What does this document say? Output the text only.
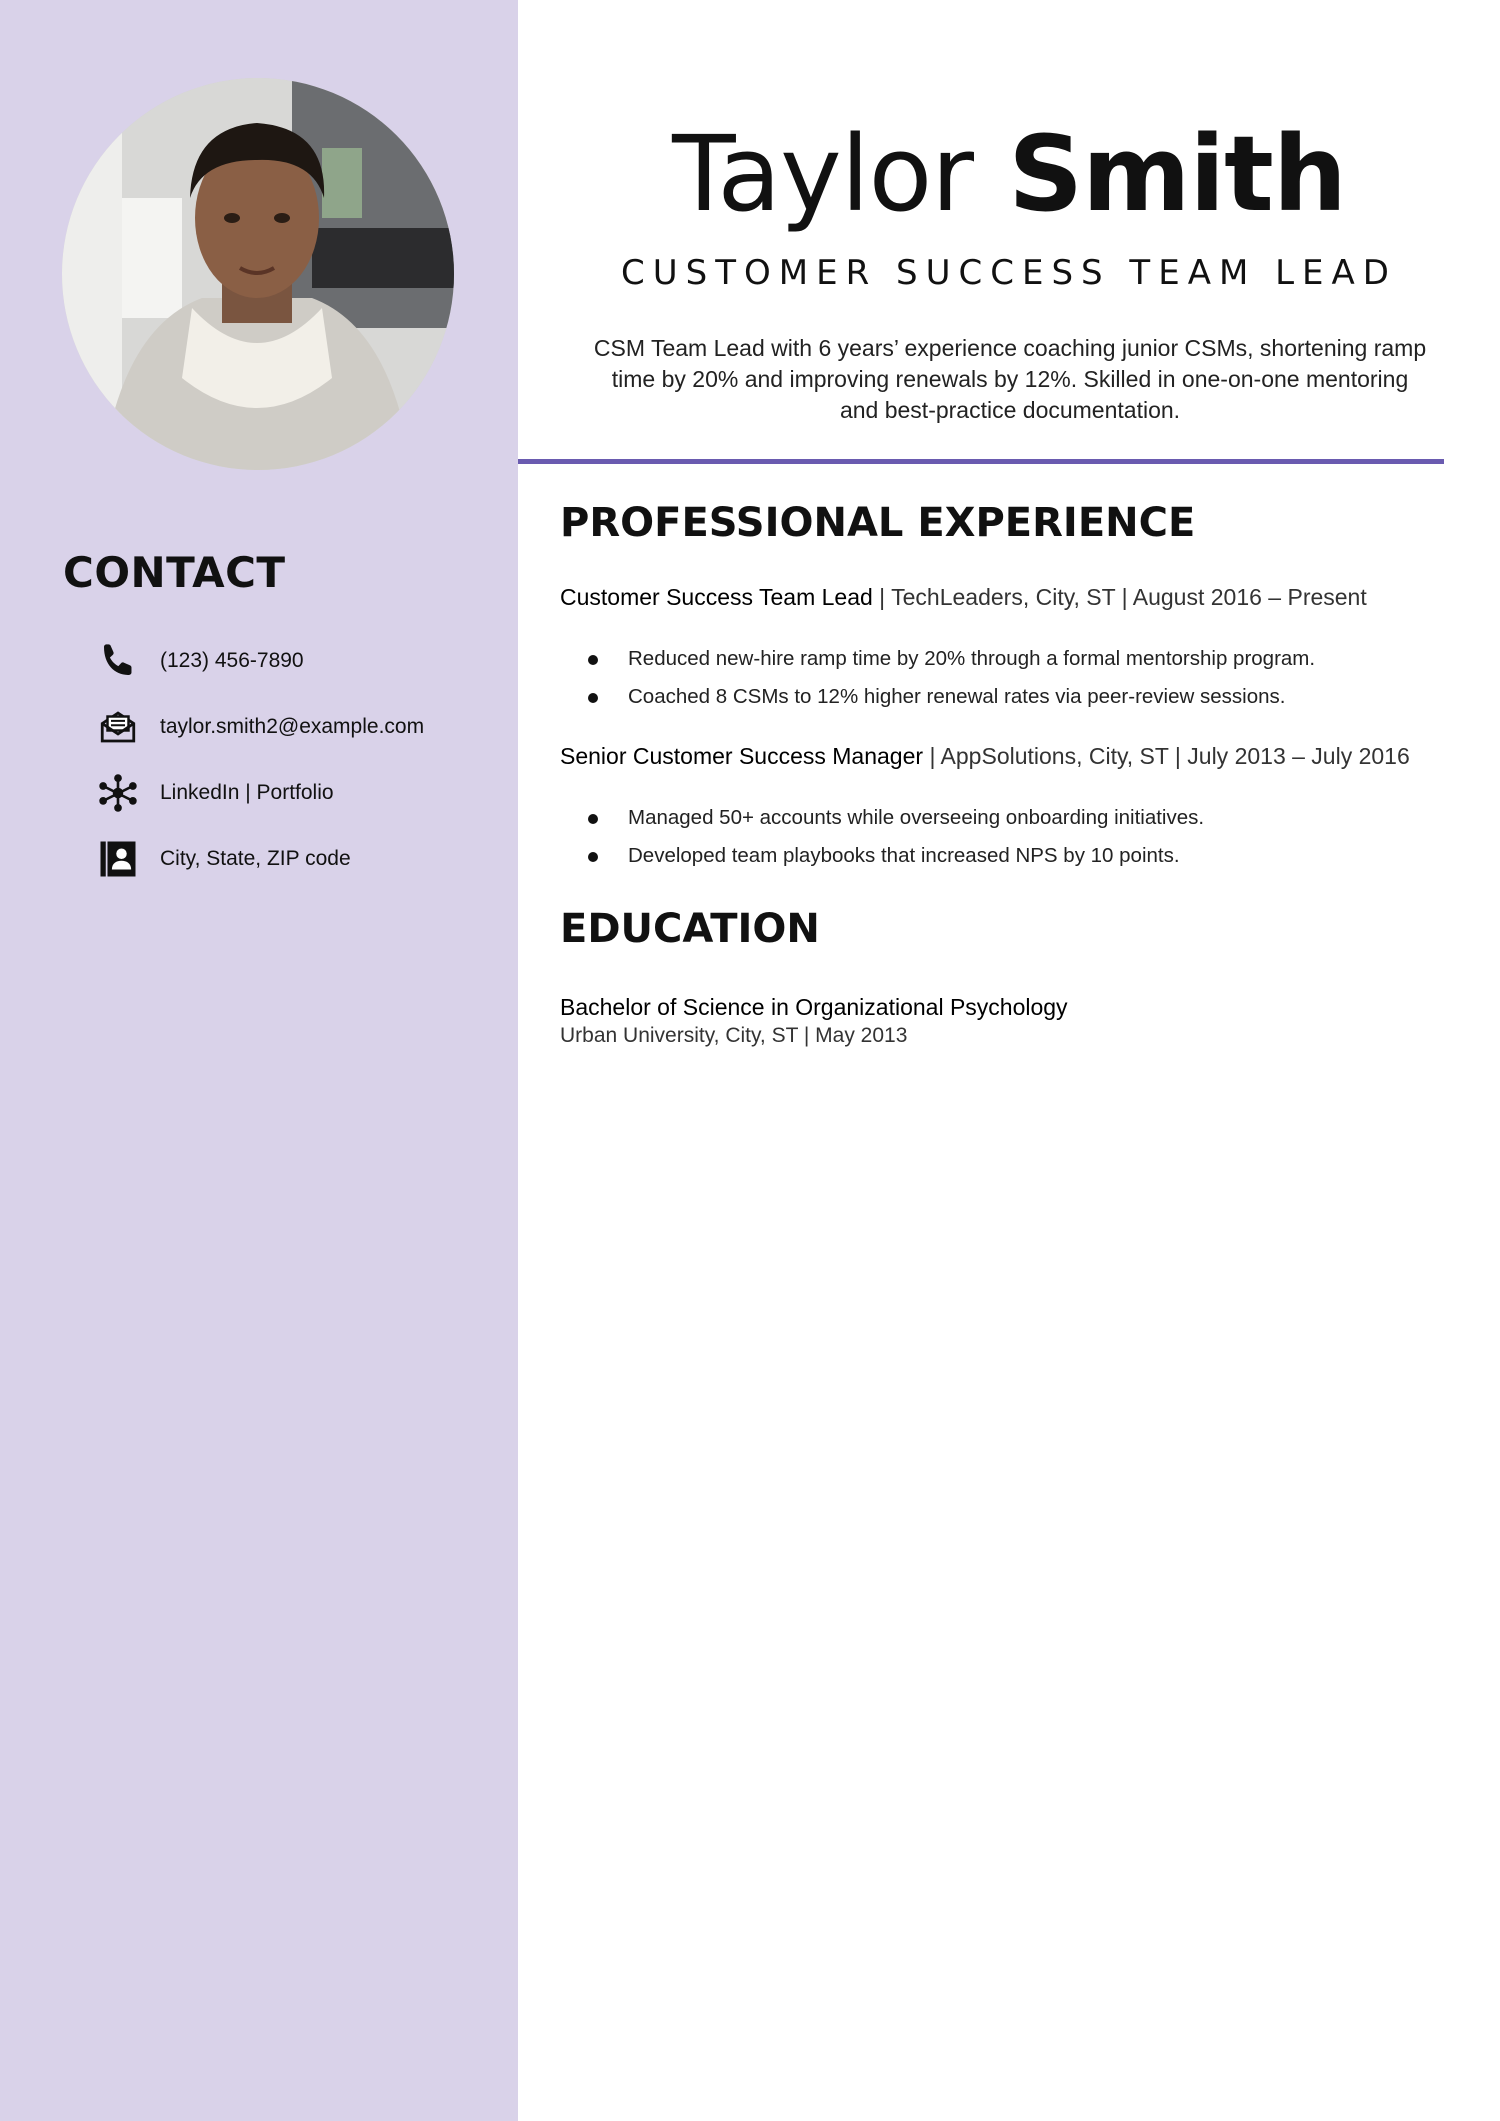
CONTACT
(123) 456-7890
taylor.smith2@example.com
LinkedIn | Portfolio
City, State, ZIP code
Taylor Smith

CUSTOMER SUCCESS TEAM LEAD

CSM Team Lead with 6 years’ experience coaching junior CSMs, shortening ramp time by 20% and improving renewals by 12%. Skilled in one-on-one mentoring and best-practice documentation.

PROFESSIONAL EXPERIENCE

Customer Success Team Lead | TechLeaders, City, ST | August 2016 – Present

Reduced new-hire ramp time by 20% through a formal mentorship program.
Coached 8 CSMs to 12% higher renewal rates via peer-review sessions.

Senior Customer Success Manager | AppSolutions, City, ST | July 2013 – July 2016

Managed 50+ accounts while overseeing onboarding initiatives.
Developed team playbooks that increased NPS by 10 points.
EDUCATION

Bachelor of Science in Organizational Psychology

Urban University, City, ST | May 2013
